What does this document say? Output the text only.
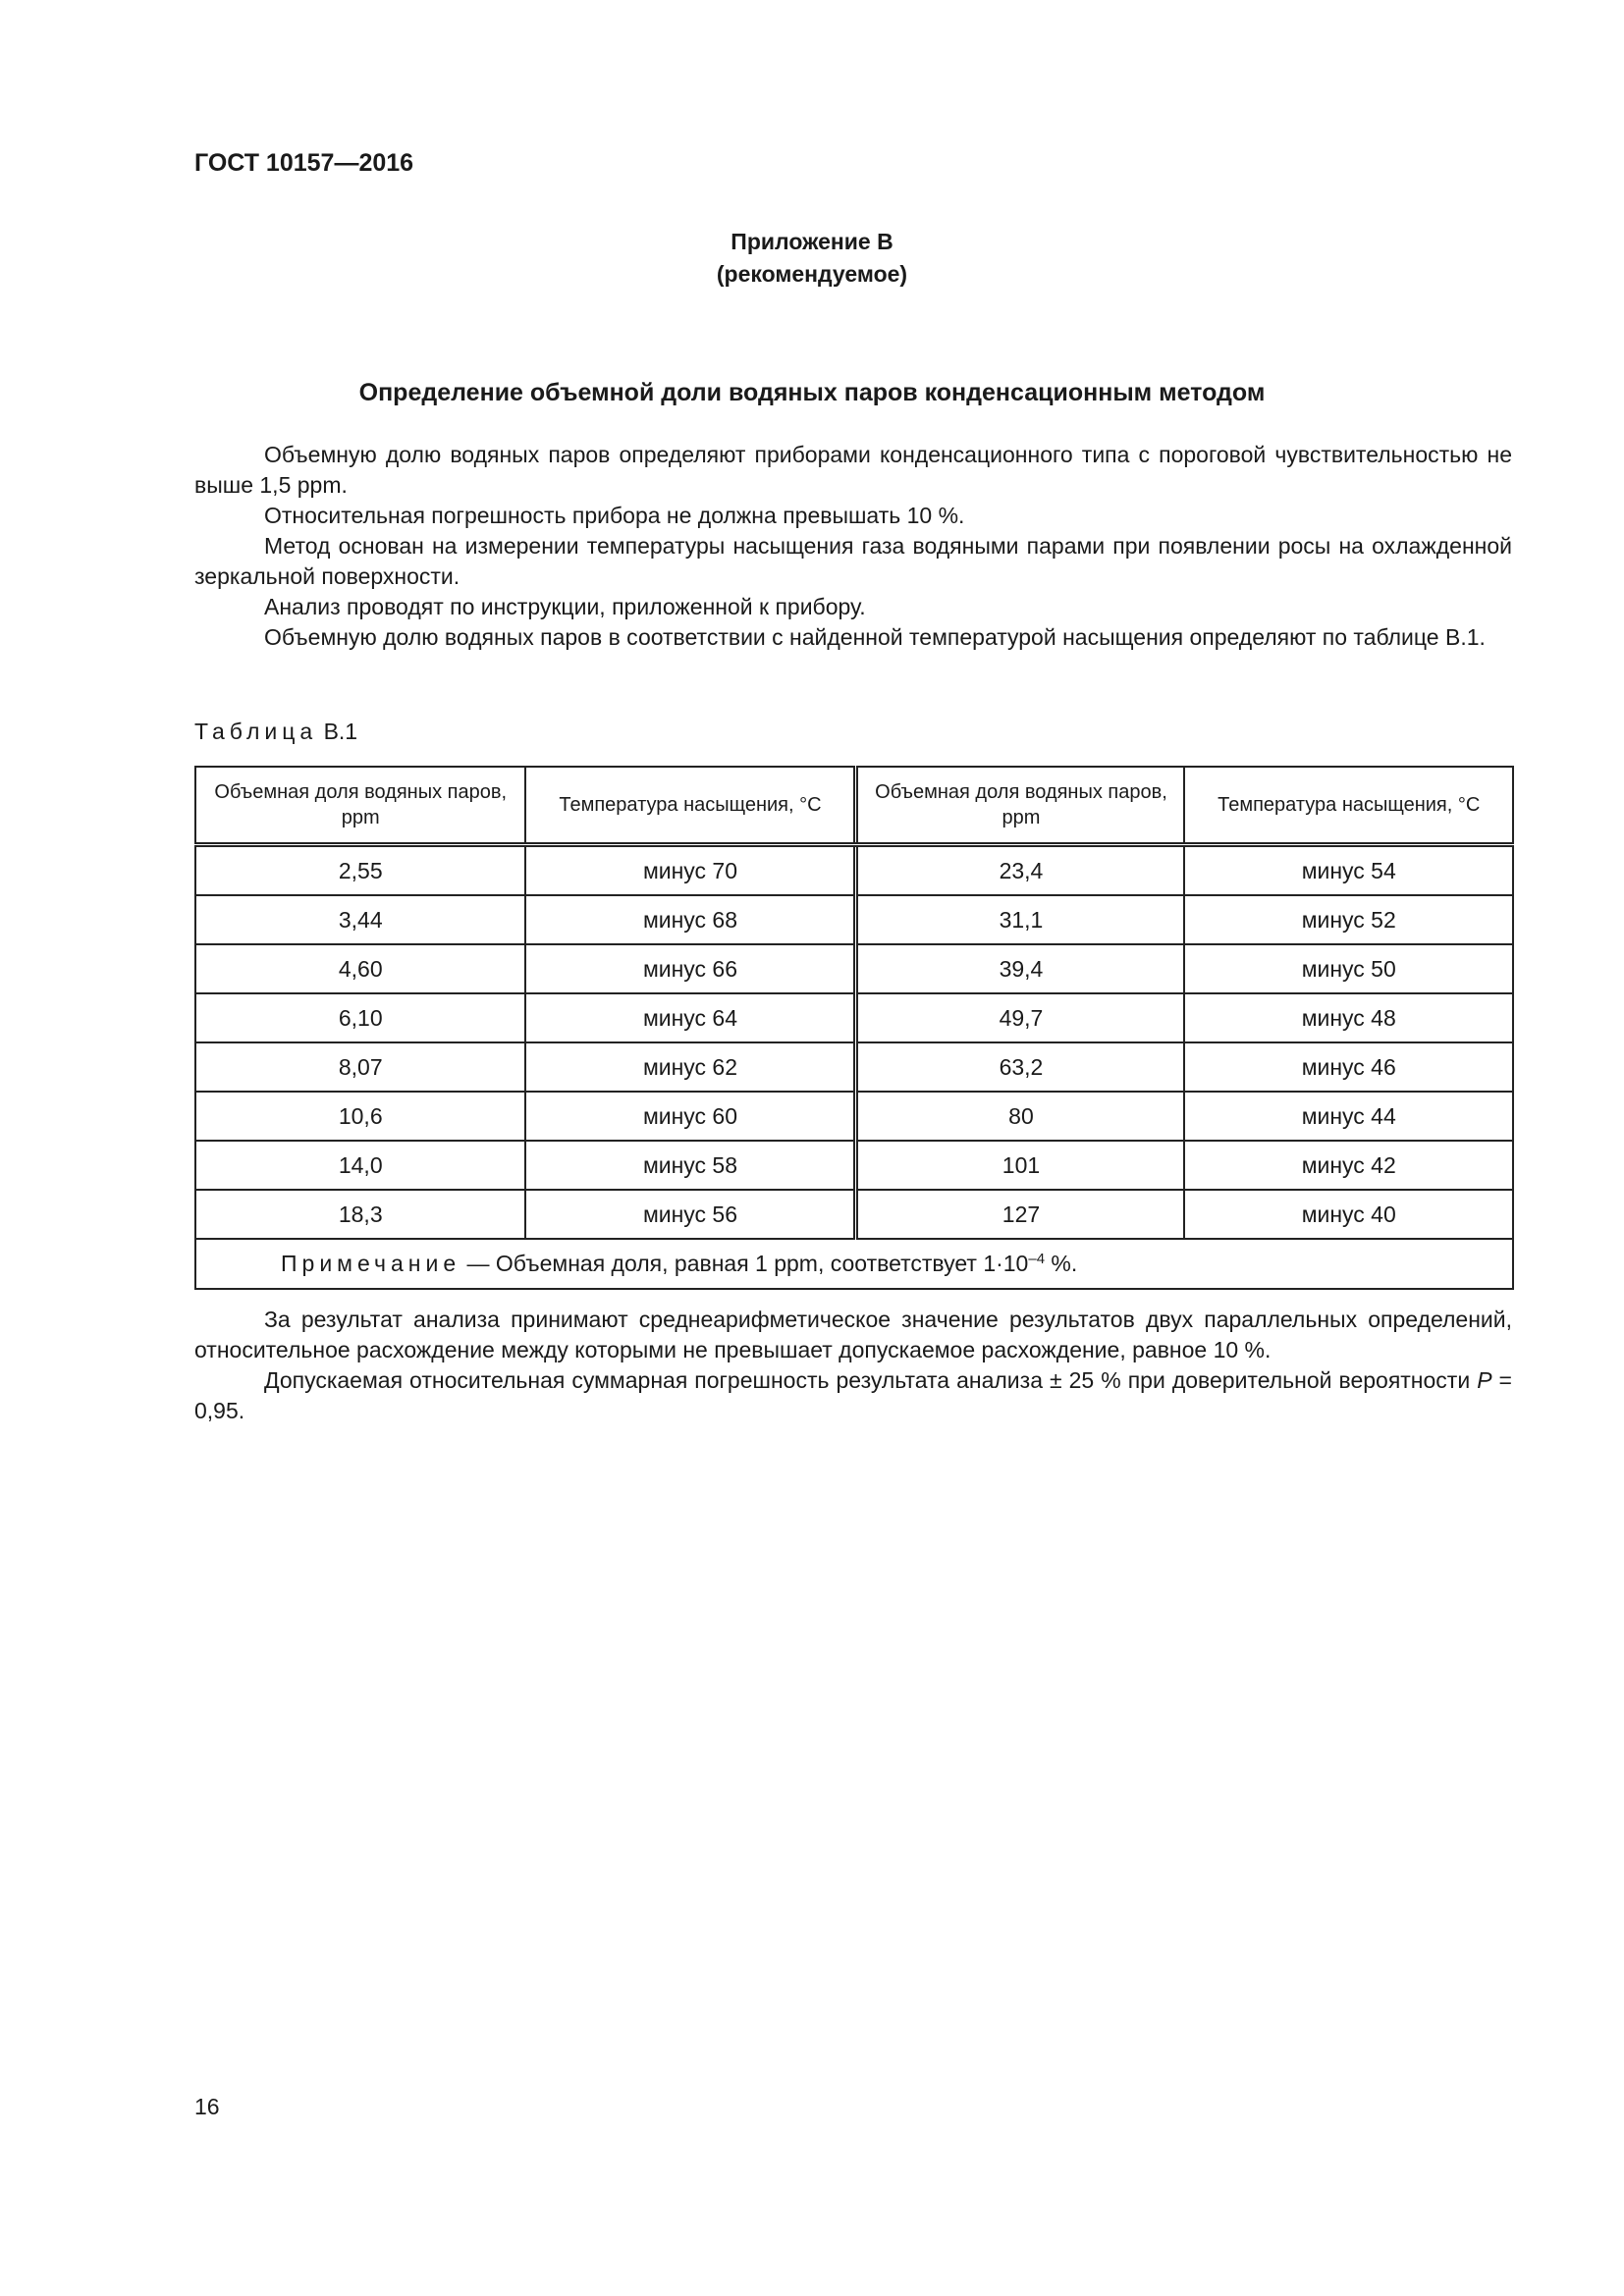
ГОСТ 10157—2016
Приложение В
(рекомендуемое)
Определение объемной доли водяных паров конденсационным методом

Объемную долю водяных паров определяют приборами конденсационного типа с пороговой чувствительностью не выше 1,5 ppm.

Относительная погрешность прибора не должна превышать 10 %.

Метод основан на измерении температуры насыщения газа водяными парами при появлении росы на охлажденной зеркальной поверхности.

Анализ проводят по инструкции, приложенной к прибору.

Объемную долю водяных паров в соответствии с найденной температурой насыщения определяют по таблице В.1.

Таблица В.1
Объемная доля водяных паров, ppm	Температура насыщения, °С	Объемная доля водяных паров, ppm	Температура насыщения, °С
2,55	минус 70	23,4	минус 54
3,44	минус 68	31,1	минус 52
4,60	минус 66	39,4	минус 50
6,10	минус 64	49,7	минус 48
8,07	минус 62	63,2	минус 46
10,6	минус 60	80	минус 44
14,0	минус 58	101	минус 42
18,3	минус 56	127	минус 40
Примечание — Объемная доля, равная 1 ppm, соответствует $1\cdot 10^{-4}$ %.			

За результат анализа принимают среднеарифметическое значение результатов двух параллельных определений, относительное расхождение между которыми не превышает допускаемое расхождение, равное 10 %.

Допускаемая относительная суммарная погрешность результата анализа ± 25 % при доверительной вероятности P = 0,95.

16
